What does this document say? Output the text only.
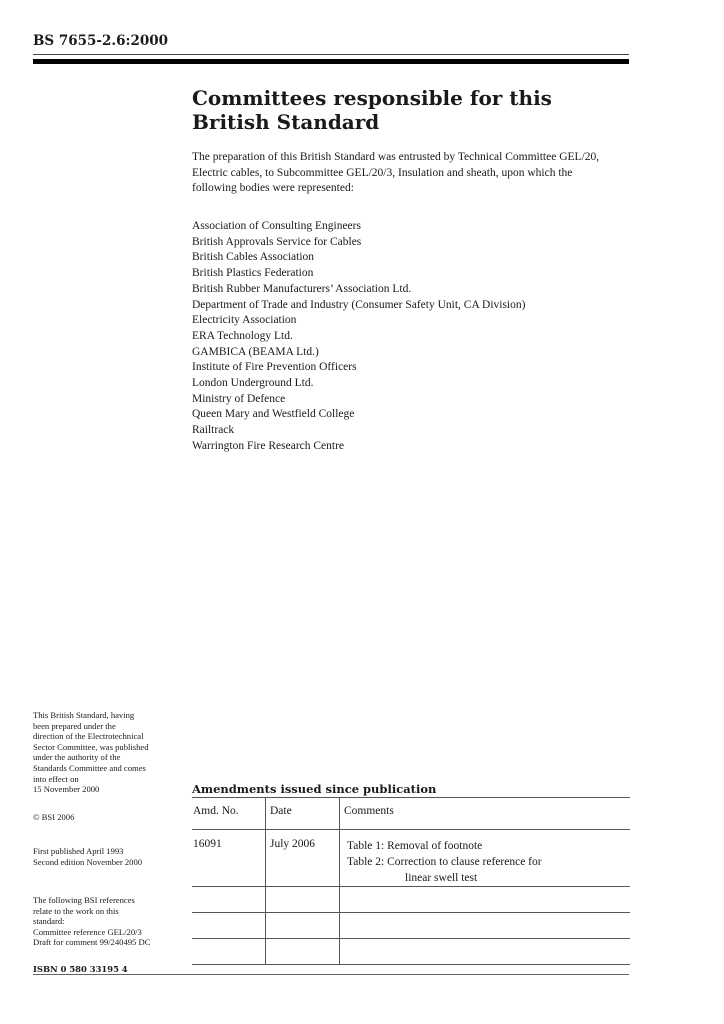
BS 7655-2.6:2000
Committees responsible for this
British Standard

The preparation of this British Standard was entrusted by Technical Committee GEL/20, Electric cables, to Subcommittee GEL/20/3, Insulation and sheath, upon which the following bodies were represented:

Association of Consulting Engineers
British Approvals Service for Cables
British Cables Association
British Plastics Federation
British Rubber Manufacturers’ Association Ltd.
Department of Trade and Industry (Consumer Safety Unit, CA Division)
Electricity Association
ERA Technology Ltd.
GAMBICA (BEAMA Ltd.)
Institute of Fire Prevention Officers
London Underground Ltd.
Ministry of Defence
Queen Mary and Westfield College
Railtrack
Warrington Fire Research Centre

This British Standard, having

been prepared under the

direction of the Electrotechnical

Sector Committee, was published

under the authority of the

Standards Committee and comes

into effect on

15 November 2000

© BSI 2006

First published April 1993

Second edition November 2000

The following BSI references

relate to the work on this

standard:

Committee reference GEL/20/3

Draft for comment 99/240495 DC

ISBN 0 580 33195 4
Amendments issued since publication
Amd. No.	Date	Comments
16091	July 2006	Table 1: Removal of footnote
Table 2: Correction to clause reference for
linear swell test
